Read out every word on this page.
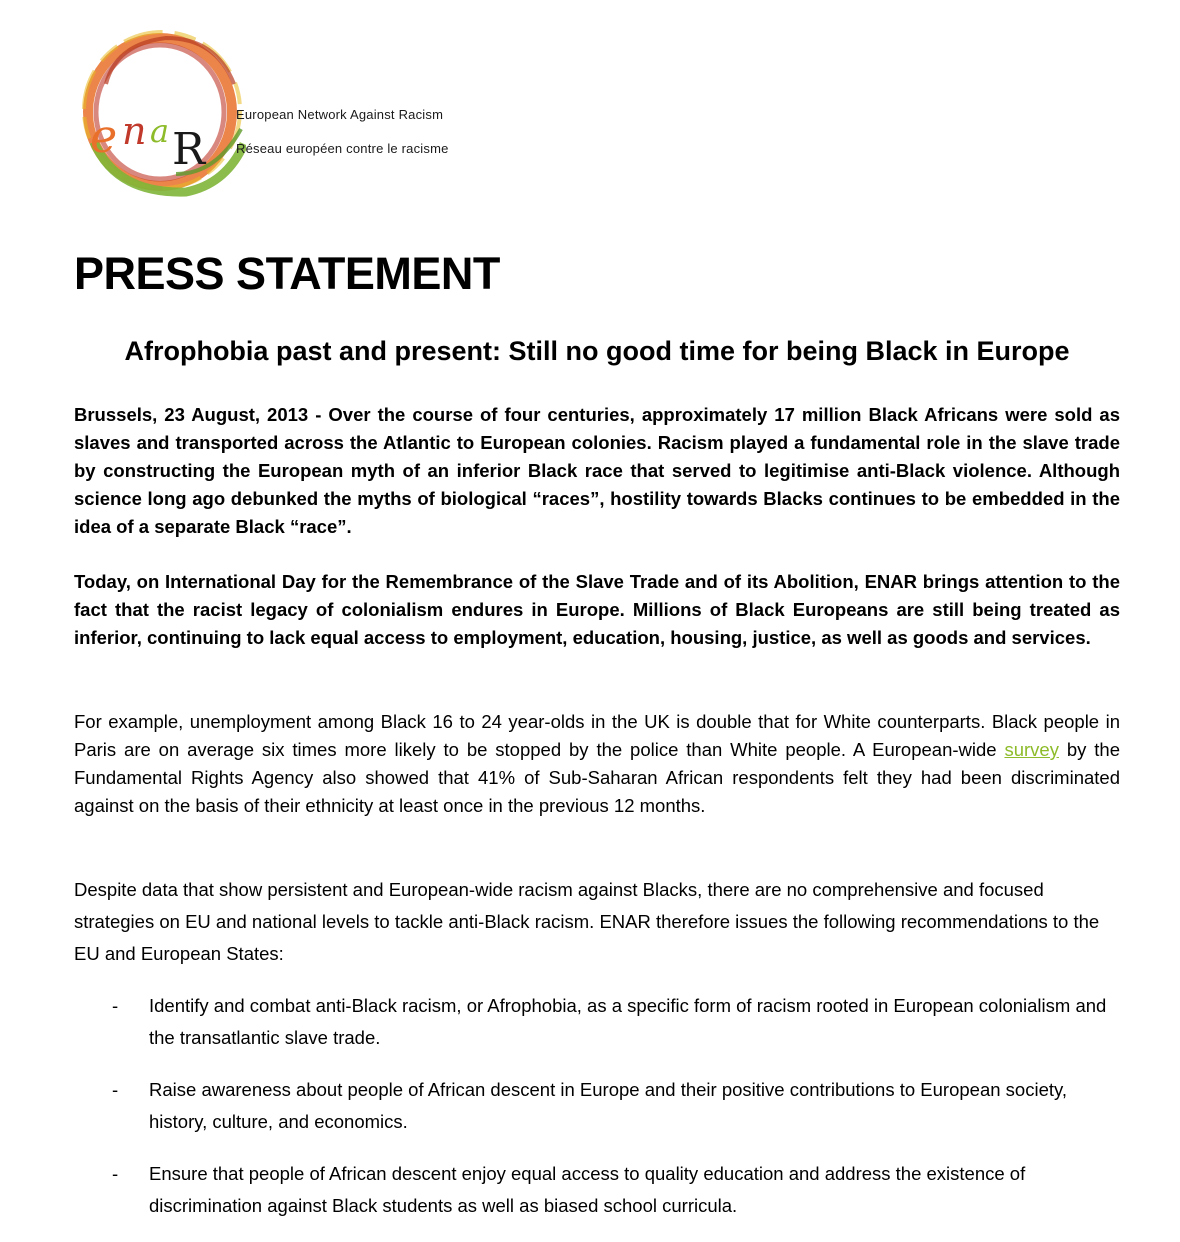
e n a R
European Network Against Racism
Réseau européen contre le racisme
PRESS STATEMENT
Afrophobia past and present: Still no good time for being Black in Europe

Brussels, 23 August, 2013 - Over the course of four centuries, approximately 17 million Black Africans were sold as slaves and transported across the Atlantic to European colonies. Racism played a fundamental role in the slave trade by constructing the European myth of an inferior Black race that served to legitimise anti-Black violence. Although science long ago debunked the myths of biological “races”, hostility towards Blacks continues to be embedded in the idea of a separate Black “race”.

Today, on International Day for the Remembrance of the Slave Trade and of its Abolition, ENAR brings attention to the fact that the racist legacy of colonialism endures in Europe. Millions of Black Europeans are still being treated as inferior, continuing to lack equal access to employment, education, housing, justice, as well as goods and services.

For example, unemployment among Black 16 to 24 year-olds in the UK is double that for White counterparts. Black people in Paris are on average six times more likely to be stopped by the police than White people. A European-wide survey by the Fundamental Rights Agency also showed that 41% of Sub-Saharan African respondents felt they had been discriminated against on the basis of their ethnicity at least once in the previous 12 months.

Despite data that show persistent and European-wide racism against Blacks, there are no comprehensive and focused strategies on EU and national levels to tackle anti-Black racism. ENAR therefore issues the following recommendations to the EU and European States:

- Identify and combat anti-Black racism, or Afrophobia, as a specific form of racism rooted in European colonialism and the transatlantic slave trade.
- Raise awareness about people of African descent in Europe and their positive contributions to European society, history, culture, and economics.
- Ensure that people of African descent enjoy equal access to quality education and address the existence of discrimination against Black students as well as biased school curricula.
